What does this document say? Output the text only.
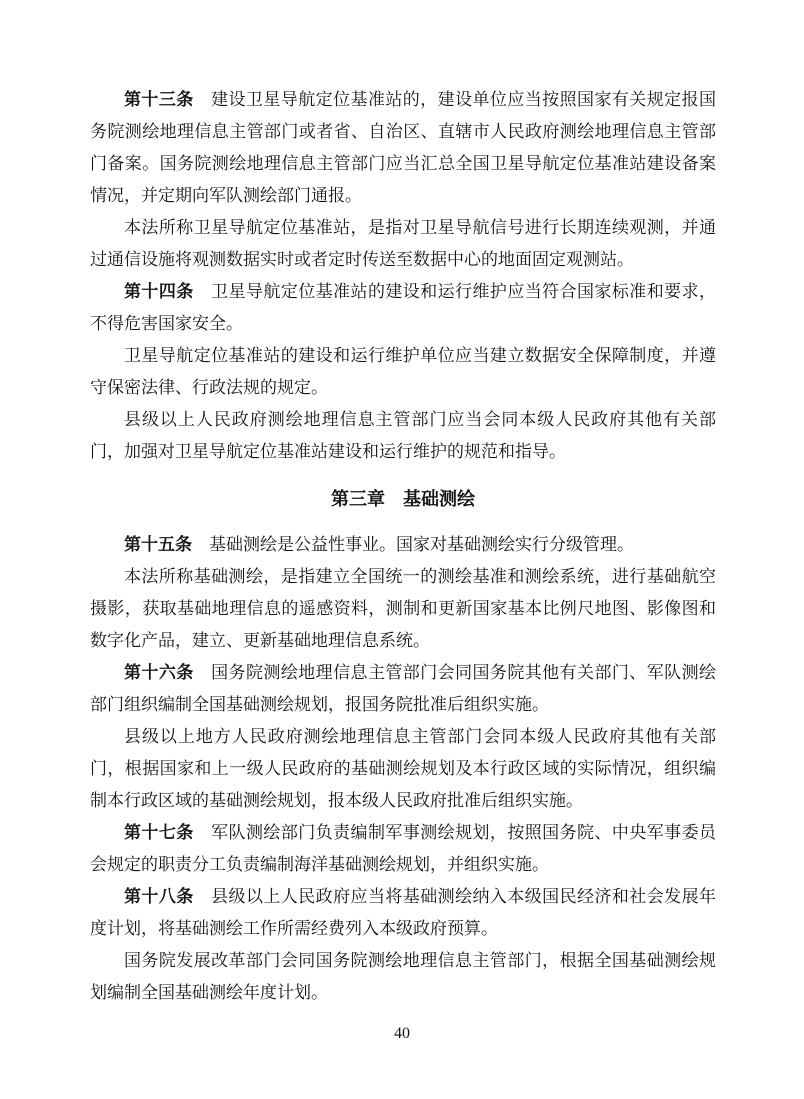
第十三条　建设卫星导航定位基准站的，建设单位应当按照国家有关规定报国务院测绘地理信息主管部门或者省、自治区、直辖市人民政府测绘地理信息主管部门备案。国务院测绘地理信息主管部门应当汇总全国卫星导航定位基准站建设备案情况，并定期向军队测绘部门通报。

本法所称卫星导航定位基准站，是指对卫星导航信号进行长期连续观测，并通过通信设施将观测数据实时或者定时传送至数据中心的地面固定观测站。

第十四条　卫星导航定位基准站的建设和运行维护应当符合国家标准和要求，不得危害国家安全。

卫星导航定位基准站的建设和运行维护单位应当建立数据安全保障制度，并遵守保密法律、行政法规的规定。

县级以上人民政府测绘地理信息主管部门应当会同本级人民政府其他有关部门，加强对卫星导航定位基准站建设和运行维护的规范和指导。

第三章　基础测绘

第十五条　基础测绘是公益性事业。国家对基础测绘实行分级管理。

本法所称基础测绘，是指建立全国统一的测绘基准和测绘系统，进行基础航空摄影，获取基础地理信息的遥感资料，测制和更新国家基本比例尺地图、影像图和数字化产品，建立、更新基础地理信息系统。

第十六条　国务院测绘地理信息主管部门会同国务院其他有关部门、军队测绘部门组织编制全国基础测绘规划，报国务院批准后组织实施。

县级以上地方人民政府测绘地理信息主管部门会同本级人民政府其他有关部门，根据国家和上一级人民政府的基础测绘规划及本行政区域的实际情况，组织编制本行政区域的基础测绘规划，报本级人民政府批准后组织实施。

第十七条　军队测绘部门负责编制军事测绘规划，按照国务院、中央军事委员会规定的职责分工负责编制海洋基础测绘规划，并组织实施。

第十八条　县级以上人民政府应当将基础测绘纳入本级国民经济和社会发展年度计划，将基础测绘工作所需经费列入本级政府预算。

国务院发展改革部门会同国务院测绘地理信息主管部门，根据全国基础测绘规划编制全国基础测绘年度计划。

40
